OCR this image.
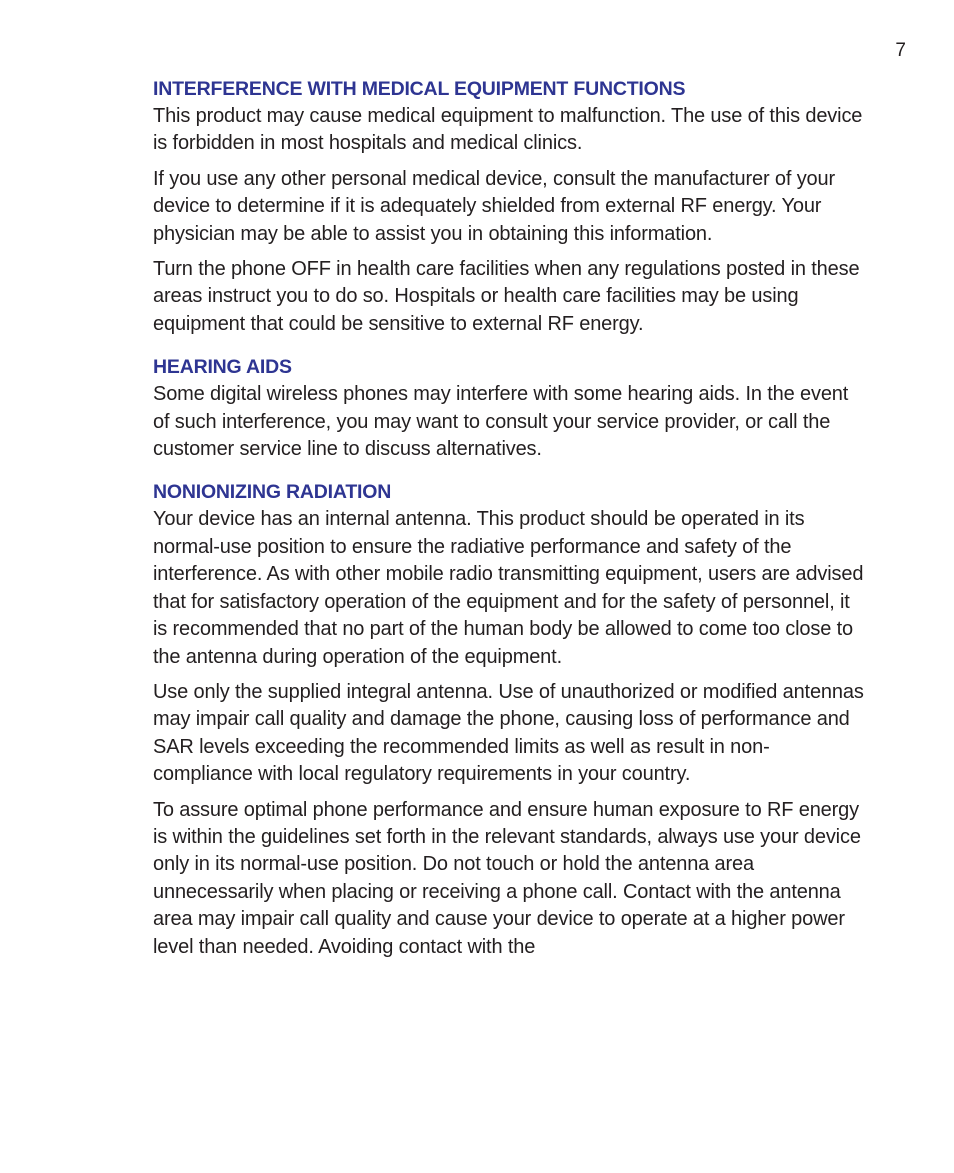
7
INTERFERENCE WITH MEDICAL EQUIPMENT FUNCTIONS

This product may cause medical equipment to malfunction. The use of this device is forbidden in most hospitals and medical clinics.

If you use any other personal medical device, consult the manufacturer of your device to determine if it is adequately shielded from external RF energy. Your physician may be able to assist you in obtaining this information.

Turn the phone OFF in health care facilities when any regulations posted in these areas instruct you to do so. Hospitals or health care facilities may be using equipment that could be sensitive to external RF energy.

HEARING AIDS

Some digital wireless phones may interfere with some hearing aids. In the event of such interference, you may want to consult your service provider, or call the customer service line to discuss alternatives.

NONIONIZING RADIATION

Your device has an internal antenna. This product should be operated in its normal-use position to ensure the radiative performance and safety of the interference. As with other mobile radio transmitting equipment, users are advised that for satisfactory operation of the equipment and for the safety of personnel, it is recommended that no part of the human body be allowed to come too close to the antenna during operation of the equipment.

Use only the supplied integral antenna. Use of unauthorized or modified antennas may impair call quality and damage the phone, causing loss of performance and SAR levels exceeding the recommended limits as well as result in non-compliance with local regulatory requirements in your country.

To assure optimal phone performance and ensure human exposure to RF energy is within the guidelines set forth in the relevant standards, always use your device only in its normal-use position. Do not touch or hold the antenna area unnecessarily when placing or receiving a phone call. Contact with the antenna area may impair call quality and cause your device to operate at a higher power level than needed. Avoiding contact with the
